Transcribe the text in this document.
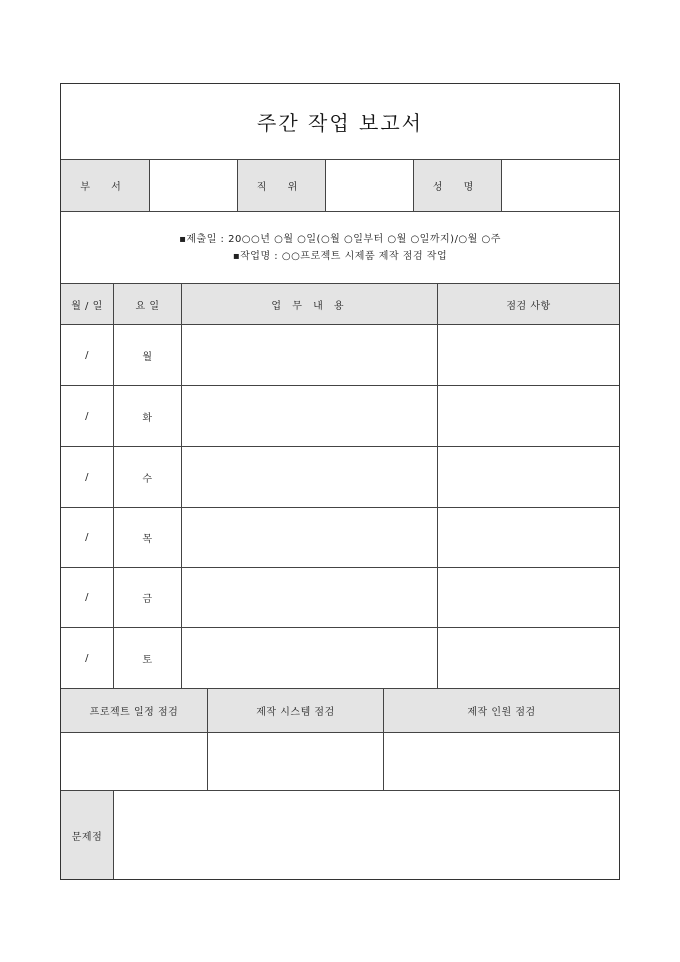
주간 작업 보고서
부 서	직 위	성 명
▪제출일 : 20○○년 ○월 ○일(○월 ○일부터 ○월 ○일까지)/○월 ○주
▪작업명 : ○○프로젝트 시제품 제작 점검 작업
월 / 일	요 일	업 무 내 용	점검 사항
/	월
/	화
/	수
/	목
/	금
/	토
프로젝트 일정 점검	제작 시스템 점검	제작 인원 점검
문제점
